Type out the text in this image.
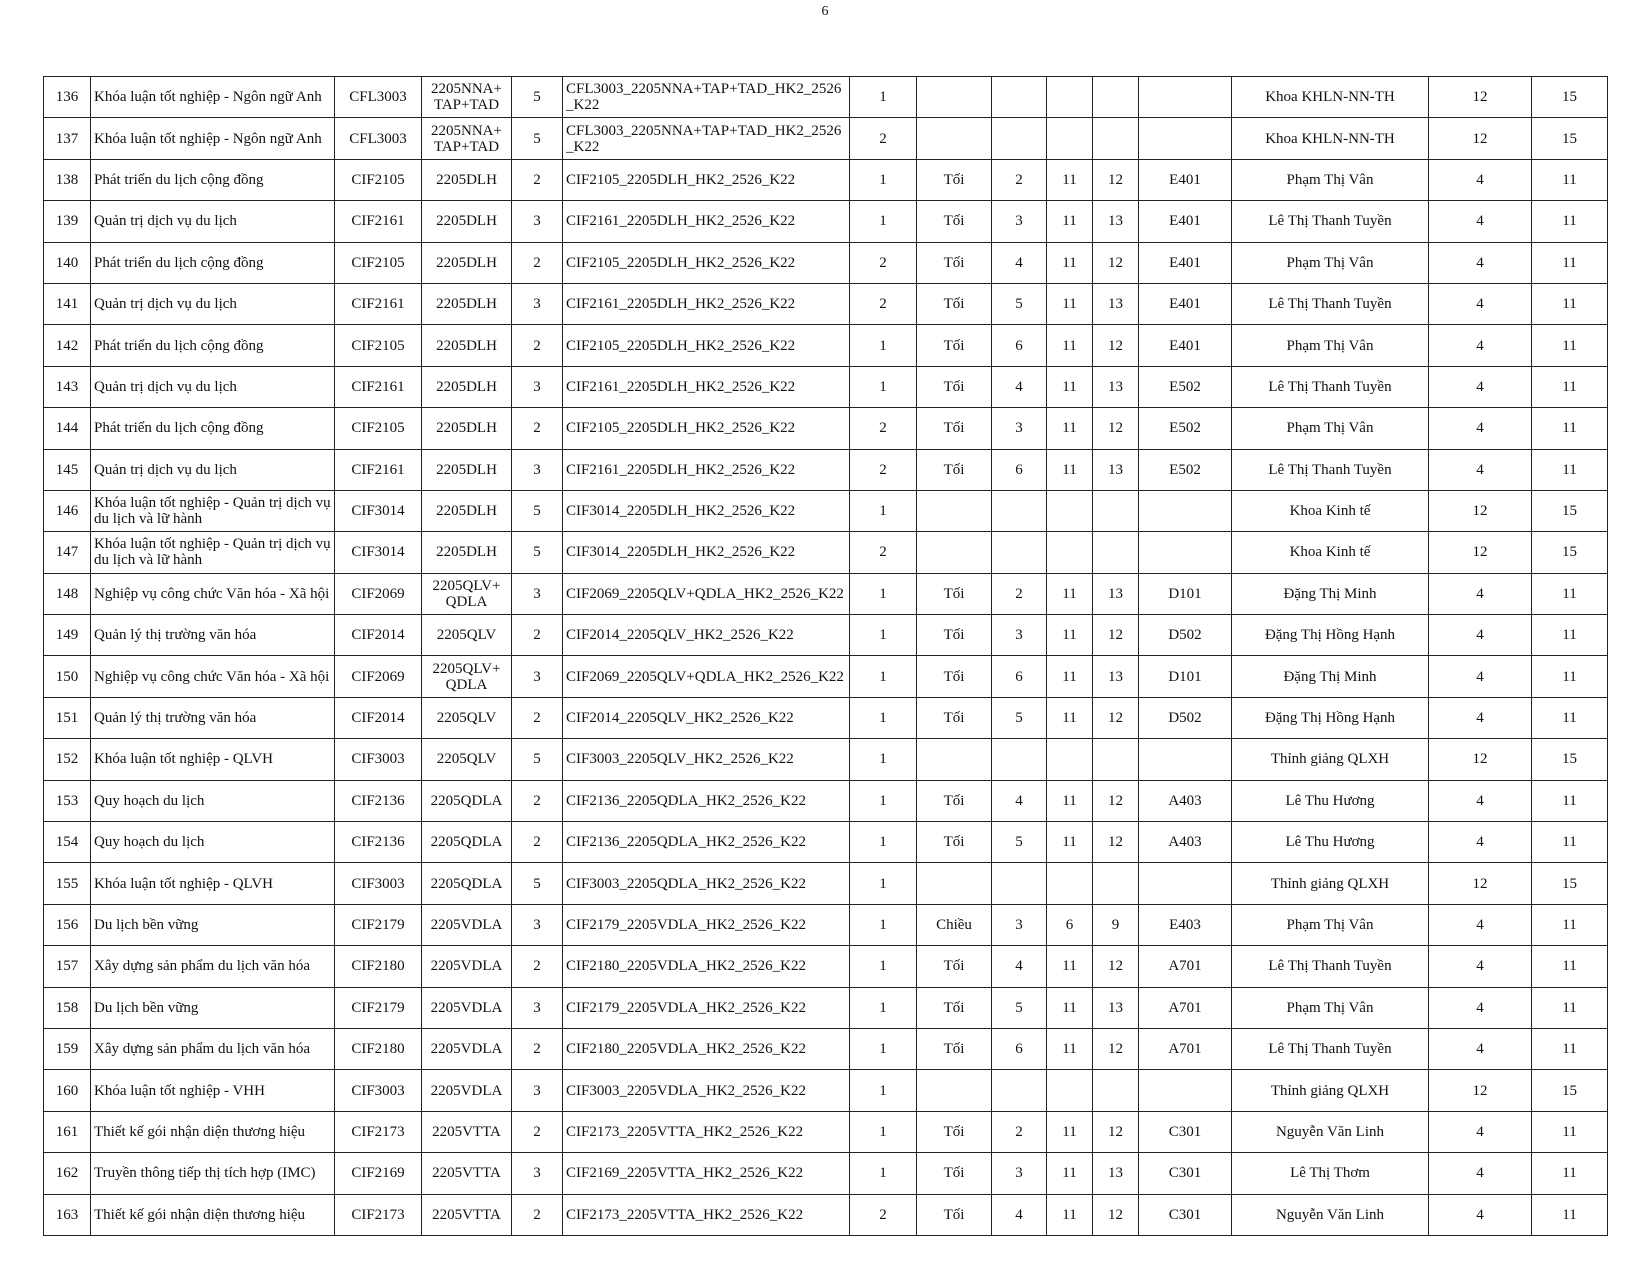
6
136	Khóa luận tốt nghiệp - Ngôn ngữ Anh	CFL3003	2205NNA+ TAP+TAD	5	CFL3003_2205NNA+TAP+TAD_HK2_2526_K22	1						Khoa KHLN-NN-TH	12	15
137	Khóa luận tốt nghiệp - Ngôn ngữ Anh	CFL3003	2205NNA+ TAP+TAD	5	CFL3003_2205NNA+TAP+TAD_HK2_2526_K22	2						Khoa KHLN-NN-TH	12	15
138	Phát triển du lịch cộng đồng	CIF2105	2205DLH	2	CIF2105_2205DLH_HK2_2526_K22	1	Tối	2	11	12	E401	Phạm Thị Vân	4	11
139	Quản trị dịch vụ du lịch	CIF2161	2205DLH	3	CIF2161_2205DLH_HK2_2526_K22	1	Tối	3	11	13	E401	Lê Thị Thanh Tuyền	4	11
140	Phát triển du lịch cộng đồng	CIF2105	2205DLH	2	CIF2105_2205DLH_HK2_2526_K22	2	Tối	4	11	12	E401	Phạm Thị Vân	4	11
141	Quản trị dịch vụ du lịch	CIF2161	2205DLH	3	CIF2161_2205DLH_HK2_2526_K22	2	Tối	5	11	13	E401	Lê Thị Thanh Tuyền	4	11
142	Phát triển du lịch cộng đồng	CIF2105	2205DLH	2	CIF2105_2205DLH_HK2_2526_K22	1	Tối	6	11	12	E401	Phạm Thị Vân	4	11
143	Quản trị dịch vụ du lịch	CIF2161	2205DLH	3	CIF2161_2205DLH_HK2_2526_K22	1	Tối	4	11	13	E502	Lê Thị Thanh Tuyền	4	11
144	Phát triển du lịch cộng đồng	CIF2105	2205DLH	2	CIF2105_2205DLH_HK2_2526_K22	2	Tối	3	11	12	E502	Phạm Thị Vân	4	11
145	Quản trị dịch vụ du lịch	CIF2161	2205DLH	3	CIF2161_2205DLH_HK2_2526_K22	2	Tối	6	11	13	E502	Lê Thị Thanh Tuyền	4	11
146	Khóa luận tốt nghiệp - Quản trị dịch vụ du lịch và lữ hành	CIF3014	2205DLH	5	CIF3014_2205DLH_HK2_2526_K22	1						Khoa Kinh tế	12	15
147	Khóa luận tốt nghiệp - Quản trị dịch vụ du lịch và lữ hành	CIF3014	2205DLH	5	CIF3014_2205DLH_HK2_2526_K22	2						Khoa Kinh tế	12	15
148	Nghiệp vụ công chức Văn hóa - Xã hội	CIF2069	2205QLV+ QDLA	3	CIF2069_2205QLV+QDLA_HK2_2526_K22	1	Tối	2	11	13	D101	Đặng Thị Minh	4	11
149	Quản lý thị trường văn hóa	CIF2014	2205QLV	2	CIF2014_2205QLV_HK2_2526_K22	1	Tối	3	11	12	D502	Đặng Thị Hồng Hạnh	4	11
150	Nghiệp vụ công chức Văn hóa - Xã hội	CIF2069	2205QLV+ QDLA	3	CIF2069_2205QLV+QDLA_HK2_2526_K22	1	Tối	6	11	13	D101	Đặng Thị Minh	4	11
151	Quản lý thị trường văn hóa	CIF2014	2205QLV	2	CIF2014_2205QLV_HK2_2526_K22	1	Tối	5	11	12	D502	Đặng Thị Hồng Hạnh	4	11
152	Khóa luận tốt nghiệp - QLVH	CIF3003	2205QLV	5	CIF3003_2205QLV_HK2_2526_K22	1						Thỉnh giảng QLXH	12	15
153	Quy hoạch du lịch	CIF2136	2205QDLA	2	CIF2136_2205QDLA_HK2_2526_K22	1	Tối	4	11	12	A403	Lê Thu Hương	4	11
154	Quy hoạch du lịch	CIF2136	2205QDLA	2	CIF2136_2205QDLA_HK2_2526_K22	1	Tối	5	11	12	A403	Lê Thu Hương	4	11
155	Khóa luận tốt nghiệp - QLVH	CIF3003	2205QDLA	5	CIF3003_2205QDLA_HK2_2526_K22	1						Thỉnh giảng QLXH	12	15
156	Du lịch bền vững	CIF2179	2205VDLA	3	CIF2179_2205VDLA_HK2_2526_K22	1	Chiều	3	6	9	E403	Phạm Thị Vân	4	11
157	Xây dựng sản phẩm du lịch văn hóa	CIF2180	2205VDLA	2	CIF2180_2205VDLA_HK2_2526_K22	1	Tối	4	11	12	A701	Lê Thị Thanh Tuyền	4	11
158	Du lịch bền vững	CIF2179	2205VDLA	3	CIF2179_2205VDLA_HK2_2526_K22	1	Tối	5	11	13	A701	Phạm Thị Vân	4	11
159	Xây dựng sản phẩm du lịch văn hóa	CIF2180	2205VDLA	2	CIF2180_2205VDLA_HK2_2526_K22	1	Tối	6	11	12	A701	Lê Thị Thanh Tuyền	4	11
160	Khóa luận tốt nghiệp - VHH	CIF3003	2205VDLA	3	CIF3003_2205VDLA_HK2_2526_K22	1						Thỉnh giảng QLXH	12	15
161	Thiết kế gói nhận diện thương hiệu	CIF2173	2205VTTA	2	CIF2173_2205VTTA_HK2_2526_K22	1	Tối	2	11	12	C301	Nguyễn Văn Linh	4	11
162	Truyền thông tiếp thị tích hợp (IMC)	CIF2169	2205VTTA	3	CIF2169_2205VTTA_HK2_2526_K22	1	Tối	3	11	13	C301	Lê Thị Thơm	4	11
163	Thiết kế gói nhận diện thương hiệu	CIF2173	2205VTTA	2	CIF2173_2205VTTA_HK2_2526_K22	2	Tối	4	11	12	C301	Nguyễn Văn Linh	4	11
